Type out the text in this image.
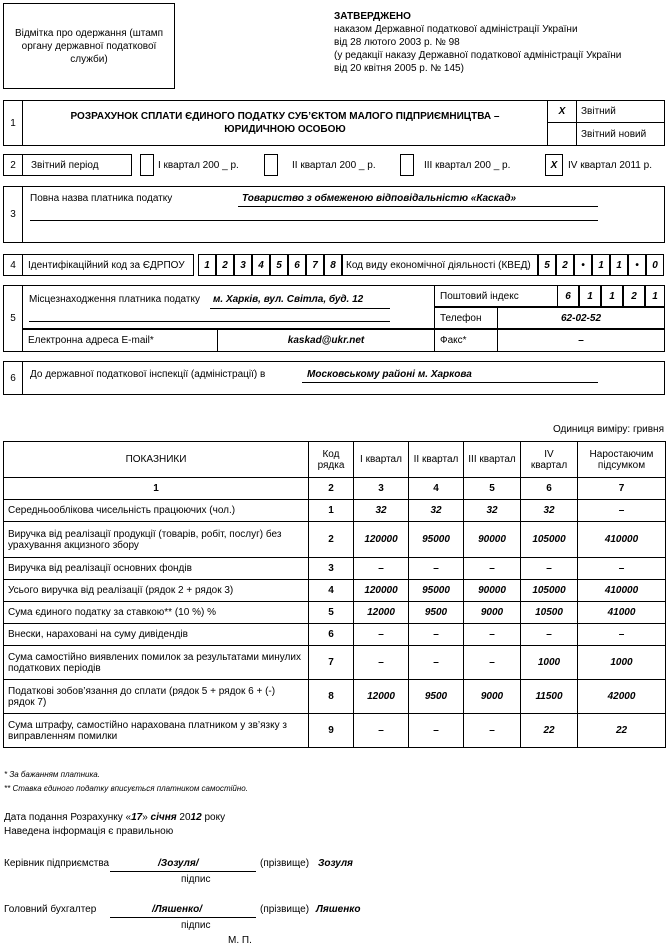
Відмітка про одержання (штамп органу державної податкової служби)
ЗАТВЕРДЖЕНО
наказом Державної податкової адміністрації України
від 28 лютого 2003 р. № 98
(у редакції наказу Державної податкової адміністрації України
від 20 квітня 2005 р. № 145)
1
РОЗРАХУНОК СПЛАТИ ЄДИНОГО ПОДАТКУ СУБ’ЄКТОМ МАЛОГО ПІДПРИЄМНИЦТВА –
ЮРИДИЧНОЮ ОСОБОЮ
X Звітний
Звітний новий
2 Звітний період	I квартал 200 _ р.	II квартал 200 _ р.	III квартал 200 _ р.	X IV квартал 2011 р.
3
Повна назва платника податку	Товариство з обмеженою відповідальністю «Каскад»
4 Ідентифікаційний код за ЄДРПОУ 1 2 3 4 5 6 7 8 Код виду економічної діяльності (КВЕД) 5 2 • 1 1 • 0
5
Місцезнаходження платника податку м. Харків, вул. Світла, буд. 12	Поштовий індекс	6 1 1 2 1
Телефон	62-02-52
Електронна адреса E-mail*	kaskad@ukr.net	Факс*	–
6 До державної податкової інспекції (адміністрації) в	Московському районі м. Харкова
Одиниця виміру: гривня
ПОКАЗНИКИ	Код рядка	I квартал	II квартал	III квартал	IV квартал	Наростаючим підсумком
1	2	3	4	5	6	7
Середньооблікова чисельність працюючих (чол.)	1	32	32	32	32	–
Виручка від реалізації продукції (товарів, робіт, послуг) без урахування акцизного збору	2	120000	95000	90000	105000	410000
Виручка від реалізації основних фондів	3	–	–	–	–	–
Усього виручка від реалізації (рядок 2 + рядок 3)	4	120000	95000	90000	105000	410000
Сума єдиного податку за ставкою** (10 %) %	5	12000	9500	9000	10500	41000
Внески, нараховані на суму дивідендів	6	–	–	–	–	–
Сума самостійно виявлених помилок за результатами минулих податкових періодів	7	–	–	–	1000	1000
Податкові зобов’язання до сплати (рядок 5 + рядок 6 + (-) рядок 7)	8	12000	9500	9000	11500	42000
Сума штрафу, самостійно нарахована платником у зв’язку з виправленням помилки	9	–	–	–	22	22
* За бажанням платника.
** Ставка єдиного податку вписується платником самостійно.
Дата подання Розрахунку «17» січня 2012 року
Наведена інформація є правильною
Керівник підприємства	/Зозуля/	(прізвище) Зозуля
підпис
Головний бухгалтер	/Ляшенко/	(прізвище) Ляшенко
підпис
М. П.
